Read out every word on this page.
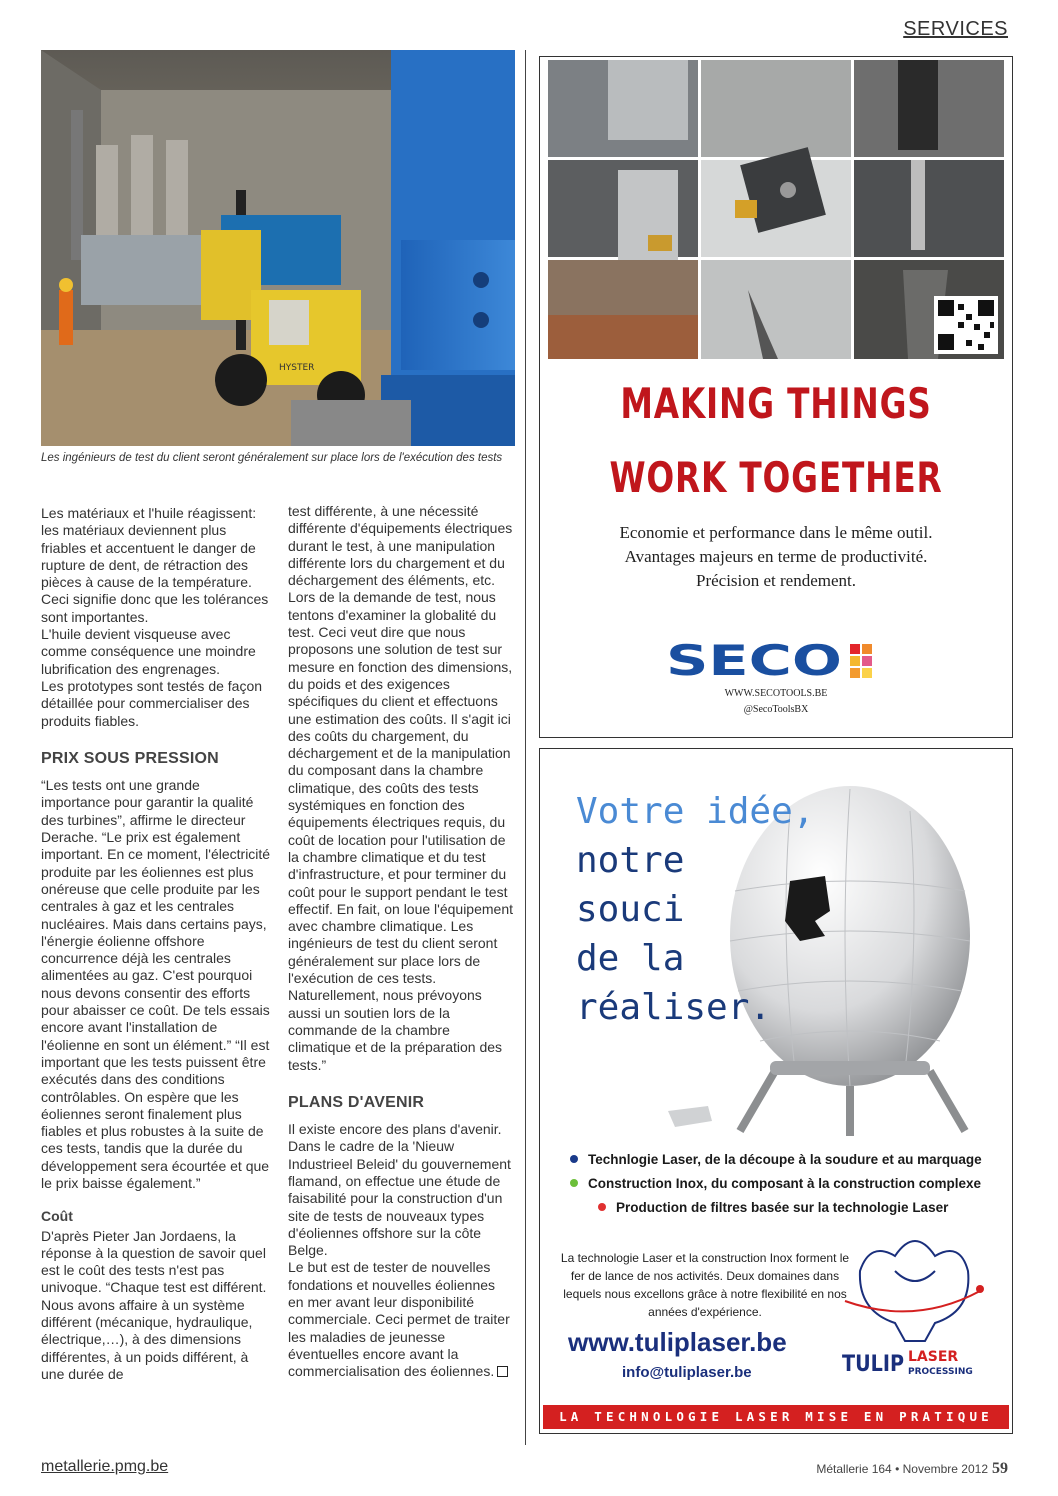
SERVICES
HYSTER
Les ingénieurs de test du client seront généralement sur place lors de l'exécution des tests

Les matériaux et l'huile réagissent: les matériaux deviennent plus friables et accentuent le danger de rupture de dent, de rétraction des pièces à cause de la température.

Ceci signifie donc que les tolérances sont importantes.

L'huile devient visqueuse avec comme conséquence une moindre lubrification des engrenages.

Les prototypes sont testés de façon détaillée pour commercialiser des produits fiables.

PRIX SOUS PRESSION

“Les tests ont une grande importance pour garantir la qualité des turbines”, affirme le directeur Derache. “Le prix est également important. En ce moment, l'électricité produite par les éoliennes est plus onéreuse que celle produite par les centrales à gaz et les centrales nucléaires. Mais dans certains pays, l'énergie éolienne offshore concurrence déjà les centrales alimentées au gaz. C'est pourquoi nous devons consentir des efforts pour abaisser ce coût. De tels essais encore avant l'installation de l'éolienne en sont un élément.” “Il est important que les tests puissent être exécutés dans des conditions contrôlables. On espère que les éoliennes seront finalement plus fiables et plus robustes à la suite de ces tests, tandis que la durée du développement sera écourtée et que le prix baisse également.”

Coût

D'après Pieter Jan Jordaens, la réponse à la question de savoir quel est le coût des tests n'est pas univoque. “Chaque test est différent. Nous avons affaire à un système différent (mécanique, hydraulique, électrique,…), à des dimensions différentes, à un poids différent, à une durée de

test différente, à une nécessité différente d'équipements électriques durant le test, à une manipulation différente lors du chargement et du déchargement des éléments, etc.

Lors de la demande de test, nous tentons d'examiner la globalité du test. Ceci veut dire que nous proposons une solution de test sur mesure en fonction des dimensions, du poids et des exigences spécifiques du client et effectuons une estimation des coûts. Il s'agit ici des coûts du chargement, du déchargement et de la manipulation du composant dans la chambre climatique, des coûts des tests systémiques en fonction des équipements électriques requis, du coût de location pour l'utilisation de la chambre climatique et du test d'infrastructure, et pour terminer du coût pour le support pendant le test effectif. En fait, on loue l'équipement avec chambre climatique. Les ingénieurs de test du client seront généralement sur place lors de l'exécution de ces tests. Naturellement, nous prévoyons aussi un soutien lors de la commande de la chambre climatique et de la préparation des tests.”

PLANS D'AVENIR

Il existe encore des plans d'avenir. Dans le cadre de la 'Nieuw Industrieel Beleid' du gouvernement flamand, on effectue une étude de faisabilité pour la construction d'un site de tests de nouveaux types d'éoliennes offshore sur la côte Belge.

Le but est de tester de nouvelles fondations et nouvelles éoliennes en mer avant leur disponibilité commerciale. Ceci permet de traiter les maladies de jeunesse éventuelles encore avant la commercialisation des éoliennes.

MAKING THINGS
WORK TOGETHER
Economie et performance dans le même outil.
Avantages majeurs en terme de productivité.
Précision et rendement.
SECO
WWW.SECOTOOLS.BE
@SecoToolsBX
Votre idée,
notre
souci
de la
réaliser.
Technlogie Laser, de la découpe à la soudure et au marquage
Construction Inox, du composant à la construction complexe
Production de filtres basée sur la technologie Laser
La technologie Laser et la construction Inox forment le fer de lance de nos activités. Deux domaines dans lequels nous excellons grâce à notre flexibilité en nos années d'expérience.
www.tuliplaser.be
info@tuliplaser.be	TULIP LASER
PROCESSING
LA TECHNOLOGIE LASER MISE EN PRATIQUE
metallerie.pmg.be	Métallerie 164 • Novembre 2012 59
